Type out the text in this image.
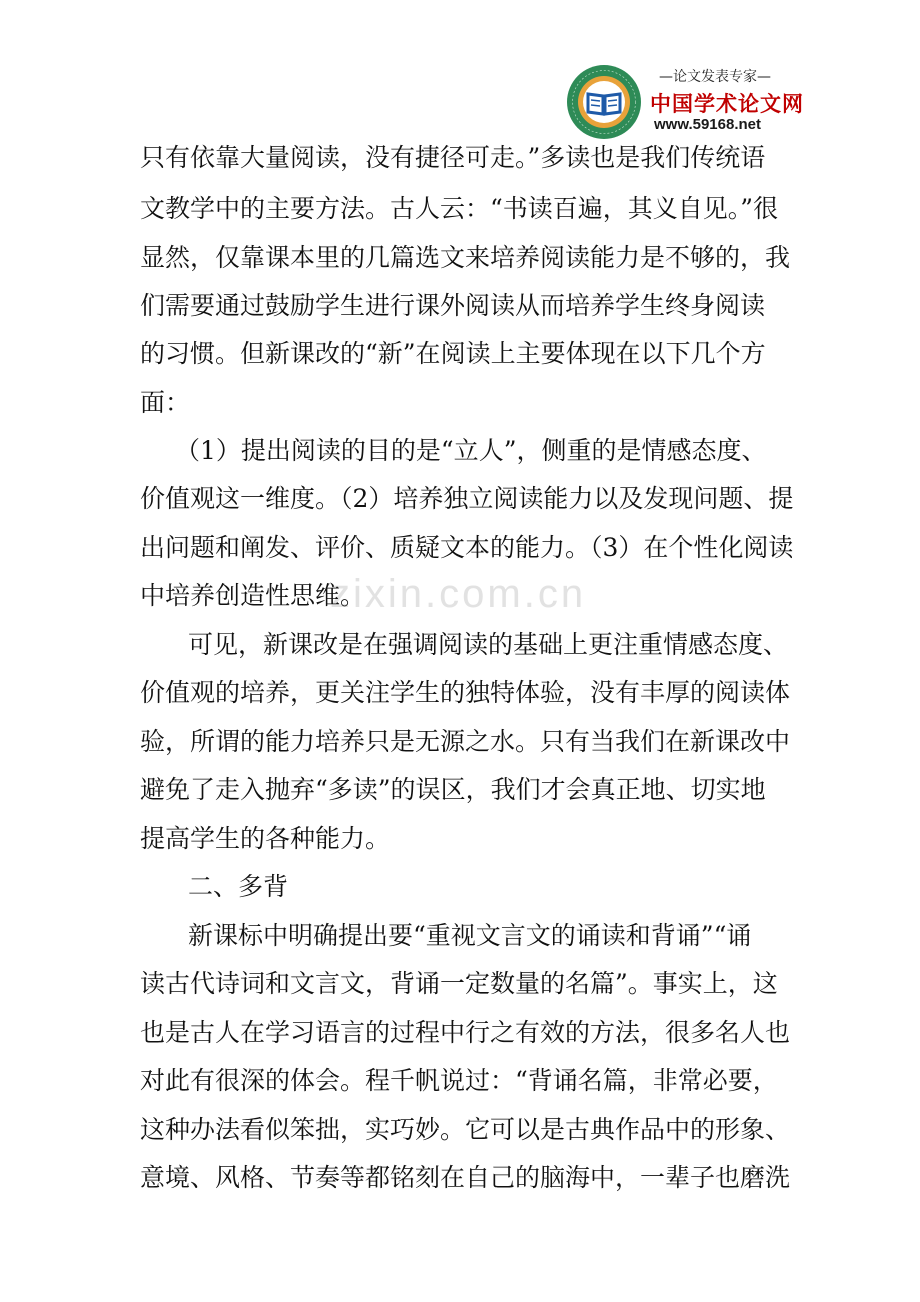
—论文发表专家—
中国学术论文网
www.59168.net
zixin.com.cn
只有依靠大量阅读，没有捷径可走。”多读也是我们传统语
文教学中的主要方法。古人云：“书读百遍，其义自见。”很
显然，仅靠课本里的几篇选文来培养阅读能力是不够的，我
们需要通过鼓励学生进行课外阅读从而培养学生终身阅读
的习惯。但新课改的“新”在阅读上主要体现在以下几个方
面：
（1）提出阅读的目的是“立人”，侧重的是情感态度、
价值观这一维度。（2）培养独立阅读能力以及发现问题、提
出问题和阐发、评价、质疑文本的能力。（3）在个性化阅读
中培养创造性思维。
可见，新课改是在强调阅读的基础上更注重情感态度、
价值观的培养，更关注学生的独特体验，没有丰厚的阅读体
验，所谓的能力培养只是无源之水。只有当我们在新课改中
避免了走入抛弃“多读”的误区，我们才会真正地、切实地
提高学生的各种能力。
二、多背
新课标中明确提出要“重视文言文的诵读和背诵”“诵
读古代诗词和文言文，背诵一定数量的名篇”。事实上，这
也是古人在学习语言的过程中行之有效的方法，很多名人也
对此有很深的体会。程千帆说过：“背诵名篇，非常必要，
这种办法看似笨拙，实巧妙。它可以是古典作品中的形象、
意境、风格、节奏等都铭刻在自己的脑海中，一辈子也磨洗
